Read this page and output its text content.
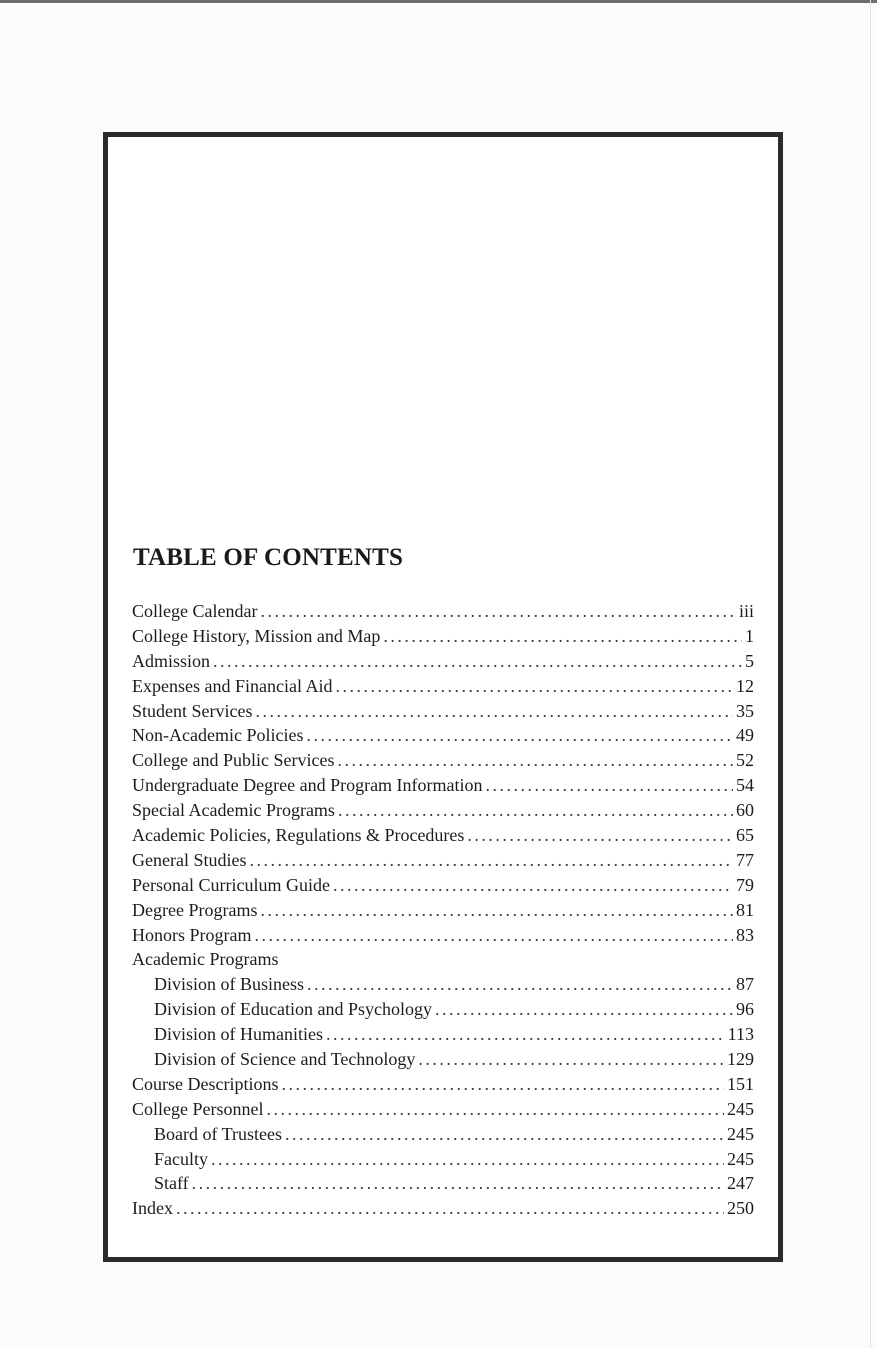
TABLE OF CONTENTS
College Calendar . . .	iii
College History, Mission and Map . . .	1
Admission . . .	5
Expenses and Financial Aid . . .	12
Student Services . . .	35
Non-Academic Policies . . .	49
College and Public Services . . .	52
Undergraduate Degree and Program Information . . .	54
Special Academic Programs . . .	60
Academic Policies, Regulations & Procedures . . .	65
General Studies . . .	77
Personal Curriculum Guide . . .	79
Degree Programs . . .	81
Honors Program . . .	83
Academic Programs
Division of Business . . .	87
Division of Education and Psychology . . .	96
Division of Humanities . . .	113
Division of Science and Technology . . .	129
Course Descriptions . . .	151
College Personnel . . .	245
Board of Trustees . . .	245
Faculty . . .	245
Staff . . .	247
Index . . .	250
